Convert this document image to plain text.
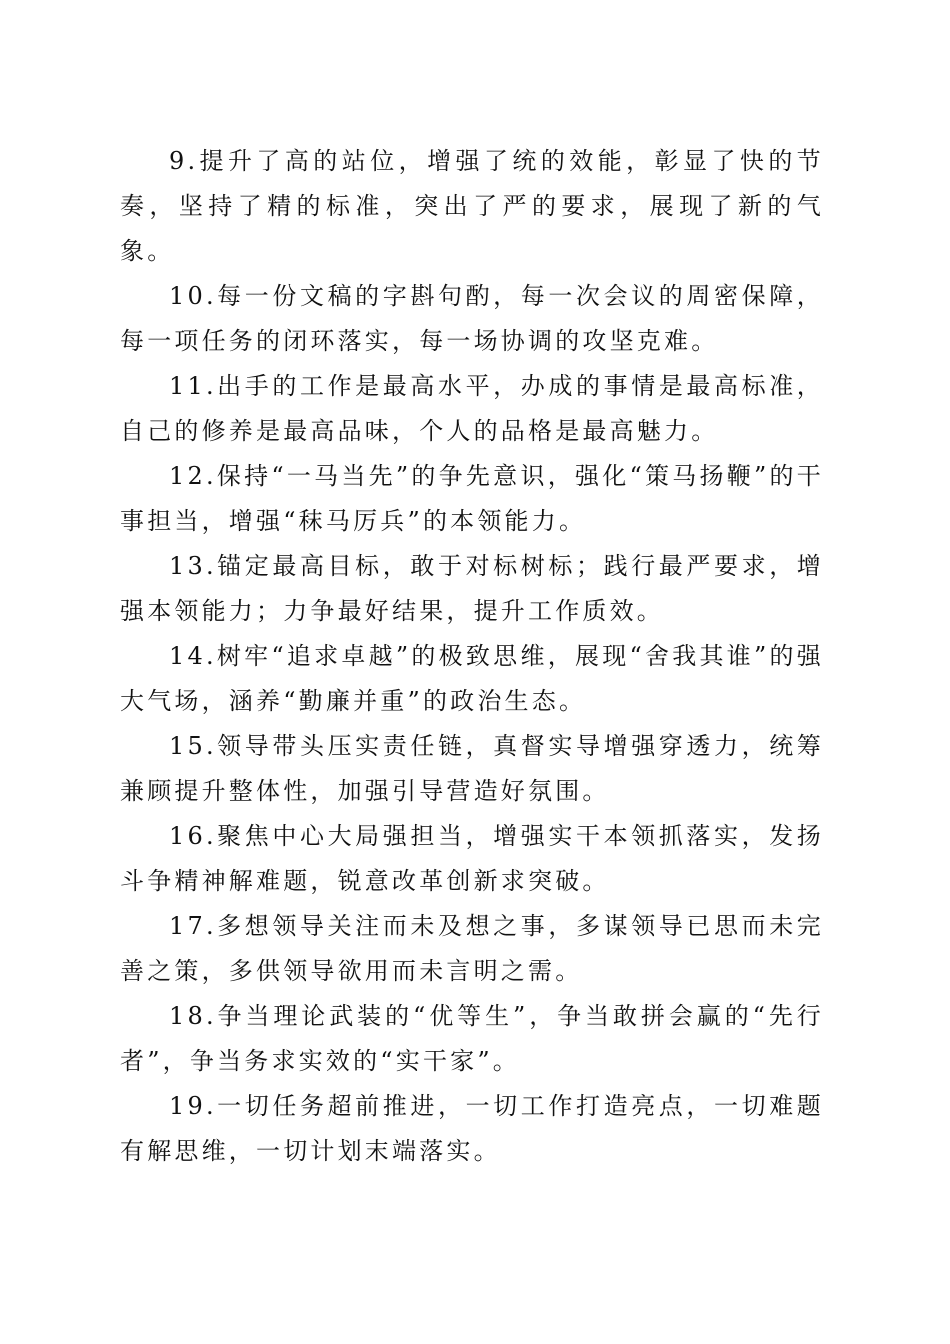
9.提升了高的站位，增强了统的效能，彰显了快的节奏，坚持了精的标准，突出了严的要求，展现了新的气象。

10.每一份文稿的字斟句酌，每一次会议的周密保障，每一项任务的闭环落实，每一场协调的攻坚克难。

11.出手的工作是最高水平，办成的事情是最高标准，自己的修养是最高品味，个人的品格是最高魅力。

12.保持“一马当先”的争先意识，强化“策马扬鞭”的干事担当，增强“秣马厉兵”的本领能力。

13.锚定最高目标，敢于对标树标；践行最严要求，增强本领能力；力争最好结果，提升工作质效。

14.树牢“追求卓越”的极致思维，展现“舍我其谁”的强大气场，涵养“勤廉并重”的政治生态。

15.领导带头压实责任链，真督实导增强穿透力，统筹兼顾提升整体性，加强引导营造好氛围。

16.聚焦中心大局强担当，增强实干本领抓落实，发扬斗争精神解难题，锐意改革创新求突破。

17.多想领导关注而未及想之事，多谋领导已思而未完善之策，多供领导欲用而未言明之需。

18.争当理论武装的“优等生”，争当敢拼会赢的“先行者”，争当务求实效的“实干家”。

19.一切任务超前推进，一切工作打造亮点，一切难题有解思维，一切计划末端落实。
